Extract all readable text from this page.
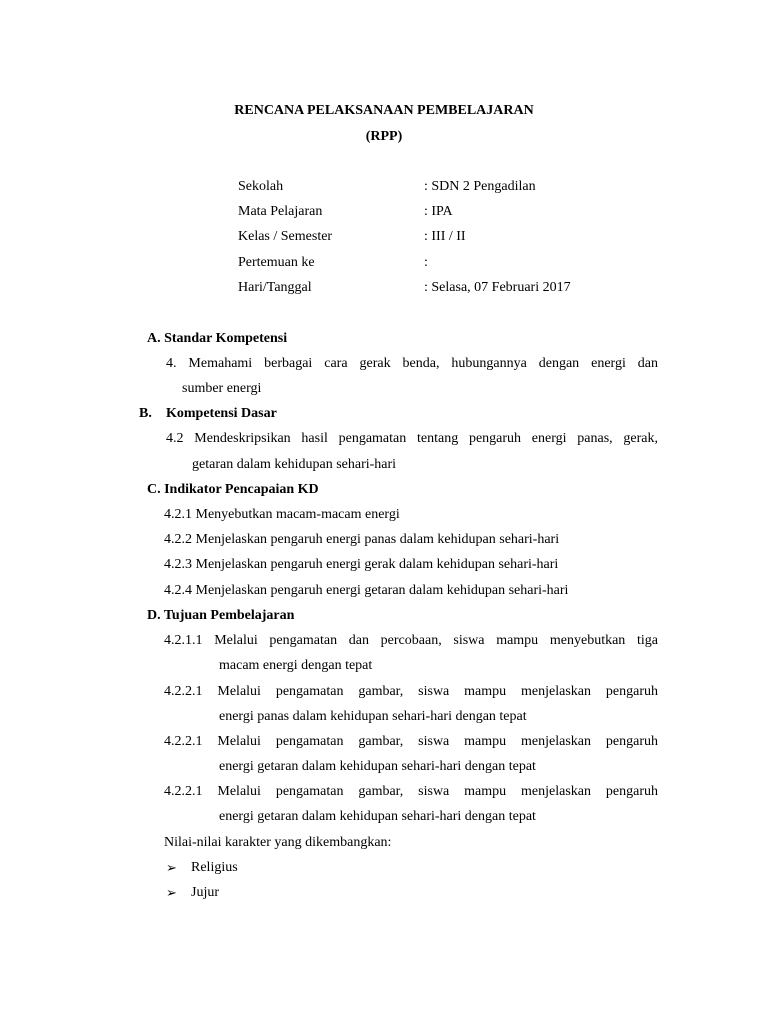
RENCANA PELAKSANAAN PEMBELAJARAN

(RPP)

Sekolah	: SDN 2 Pengadilan

Mata Pelajaran	: IPA

Kelas / Semester	: III / II

Pertemuan ke	:

Hari/Tanggal	: Selasa, 07 Februari 2017

A. Standar Kompetensi

4. Memahami berbagai cara gerak benda, hubungannya dengan energi dan

sumber energi

B. Kompetensi Dasar

4.2 Mendeskripsikan hasil pengamatan tentang pengaruh energi panas, gerak,

getaran dalam kehidupan sehari-hari

C. Indikator Pencapaian KD

4.2.1 Menyebutkan macam-macam energi

4.2.2 Menjelaskan pengaruh energi panas dalam kehidupan sehari-hari

4.2.3 Menjelaskan pengaruh energi gerak dalam kehidupan sehari-hari

4.2.4 Menjelaskan pengaruh energi getaran dalam kehidupan sehari-hari

D. Tujuan Pembelajaran

4.2.1.1 Melalui pengamatan dan percobaan, siswa mampu menyebutkan tiga

macam energi dengan tepat

4.2.2.1 Melalui pengamatan gambar, siswa mampu menjelaskan pengaruh

energi panas dalam kehidupan sehari-hari dengan tepat

4.2.2.1 Melalui pengamatan gambar, siswa mampu menjelaskan pengaruh

energi getaran dalam kehidupan sehari-hari dengan tepat

4.2.2.1 Melalui pengamatan gambar, siswa mampu menjelaskan pengaruh

energi getaran dalam kehidupan sehari-hari dengan tepat

Nilai-nilai karakter yang dikembangkan:

➢ Religius

➢ Jujur
